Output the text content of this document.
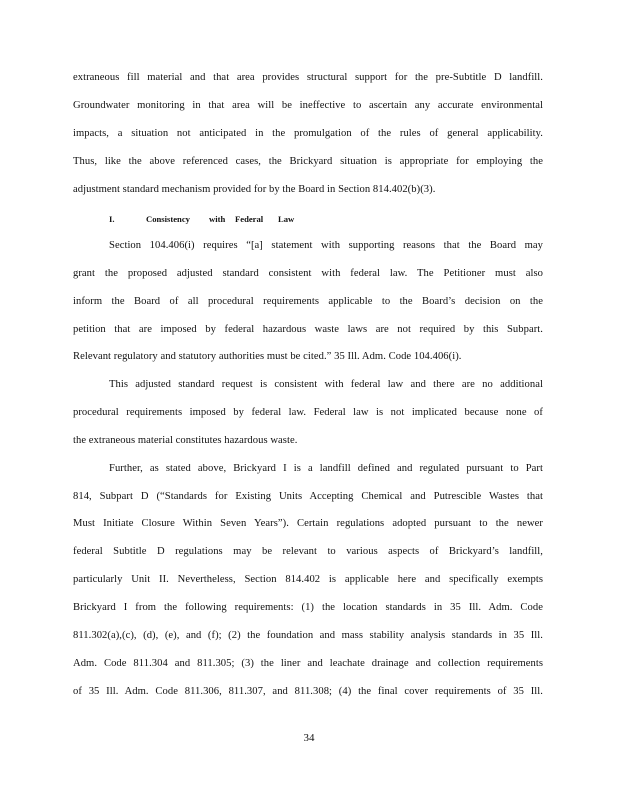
extraneous fill material and that area provides structural support for the pre-Subtitle D landfill.
Groundwater monitoring in that area will be ineffective to ascertain any accurate environmental
impacts, a situation not anticipated in the promulgation of the rules of general applicability.
Thus, like the above referenced cases, the Brickyard situation is appropriate for employing the
adjustment standard mechanism provided for by the Board in Section 814.402(b)(3).
I.	Consistency with Federal Law
Section 104.406(i) requires “[a] statement with supporting reasons that the Board may
grant the proposed adjusted standard consistent with federal law. The Petitioner must also
inform the Board of all procedural requirements applicable to the Board’s decision on the
petition that are imposed by federal hazardous waste laws are not required by this Subpart.
Relevant regulatory and statutory authorities must be cited.” 35 Ill. Adm. Code 104.406(i).
This adjusted standard request is consistent with federal law and there are no additional
procedural requirements imposed by federal law. Federal law is not implicated because none of
the extraneous material constitutes hazardous waste.
Further, as stated above, Brickyard I is a landfill defined and regulated pursuant to Part
814, Subpart D (“Standards for Existing Units Accepting Chemical and Putrescible Wastes that
Must Initiate Closure Within Seven Years”). Certain regulations adopted pursuant to the newer
federal Subtitle D regulations may be relevant to various aspects of Brickyard’s landfill,
particularly Unit II. Nevertheless, Section 814.402 is applicable here and specifically exempts
Brickyard I from the following requirements: (1) the location standards in 35 Ill. Adm. Code
811.302(a),(c), (d), (e), and (f); (2) the foundation and mass stability analysis standards in 35 Ill.
Adm. Code 811.304 and 811.305; (3) the liner and leachate drainage and collection requirements
of 35 Ill. Adm. Code 811.306, 811.307, and 811.308; (4) the final cover requirements of 35 Ill.
34
